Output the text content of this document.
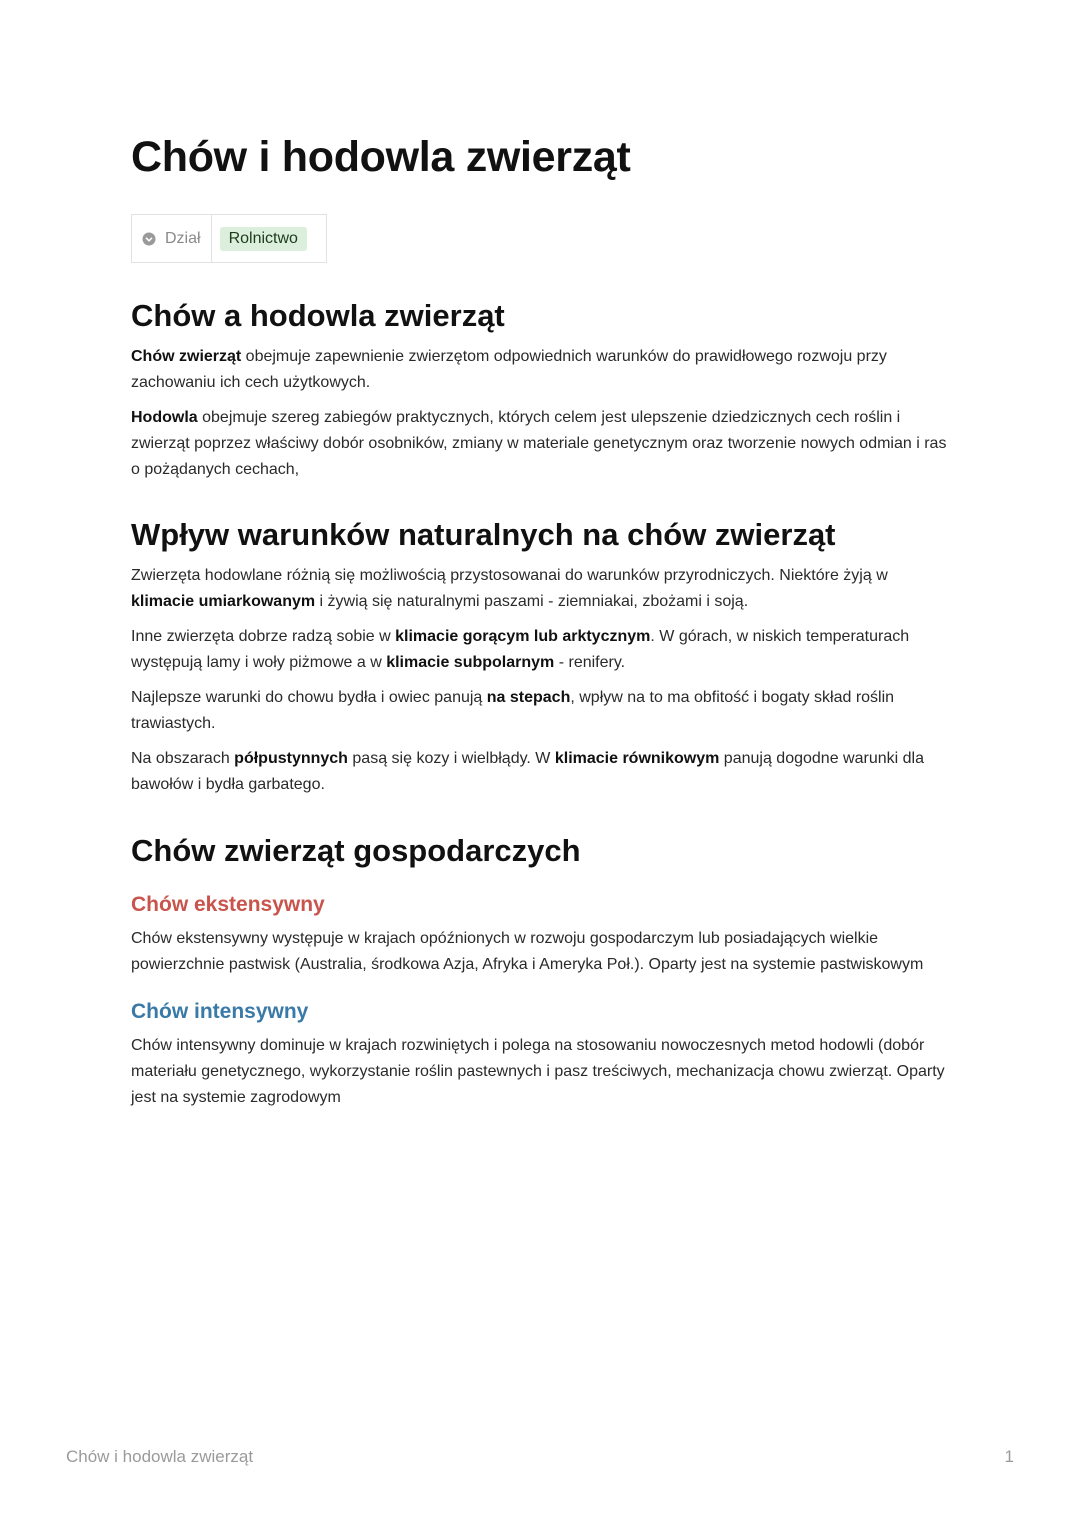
Chów i hodowla zwierząt
Dział	Rolnictwo
Chów a hodowla zwierząt

Chów zwierząt obejmuje zapewnienie zwierzętom odpowiednich warunków do prawidłowego rozwoju przy zachowaniu ich cech użytkowych.

Hodowla obejmuje szereg zabiegów praktycznych, których celem jest ulepszenie dziedzicznych cech roślin i zwierząt poprzez właściwy dobór osobników, zmiany w materiale genetycznym oraz tworzenie nowych odmian i ras o pożądanych cechach,

Wpływ warunków naturalnych na chów zwierząt

Zwierzęta hodowlane różnią się możliwością przystosowanai do warunków przyrodniczych. Niektóre żyją w klimacie umiarkowanym i żywią się naturalnymi paszami - ziemniakai, zbożami i soją.

Inne zwierzęta dobrze radzą sobie w klimacie gorącym lub arktycznym. W górach, w niskich temperaturach występują lamy i woły piżmowe a w klimacie subpolarnym - renifery.

Najlepsze warunki do chowu bydła i owiec panują na stepach, wpływ na to ma obfitość i bogaty skład roślin trawiastych.

Na obszarach półpustynnych pasą się kozy i wielbłądy. W klimacie równikowym panują dogodne warunki dla bawołów i bydła garbatego.

Chów zwierząt gospodarczych
Chów ekstensywny

Chów ekstensywny występuje w krajach opóźnionych w rozwoju gospodarczym lub posiadających wielkie powierzchnie pastwisk (Australia, środkowa Azja, Afryka i Ameryka Poł.). Oparty jest na systemie pastwiskowym

Chów intensywny

Chów intensywny dominuje w krajach rozwiniętych i polega na stosowaniu nowoczesnych metod hodowli (dobór materiału genetycznego, wykorzystanie roślin pastewnych i pasz treściwych, mechanizacja chowu zwierząt. Oparty jest na systemie zagrodowym

Chów i hodowla zwierząt	1
